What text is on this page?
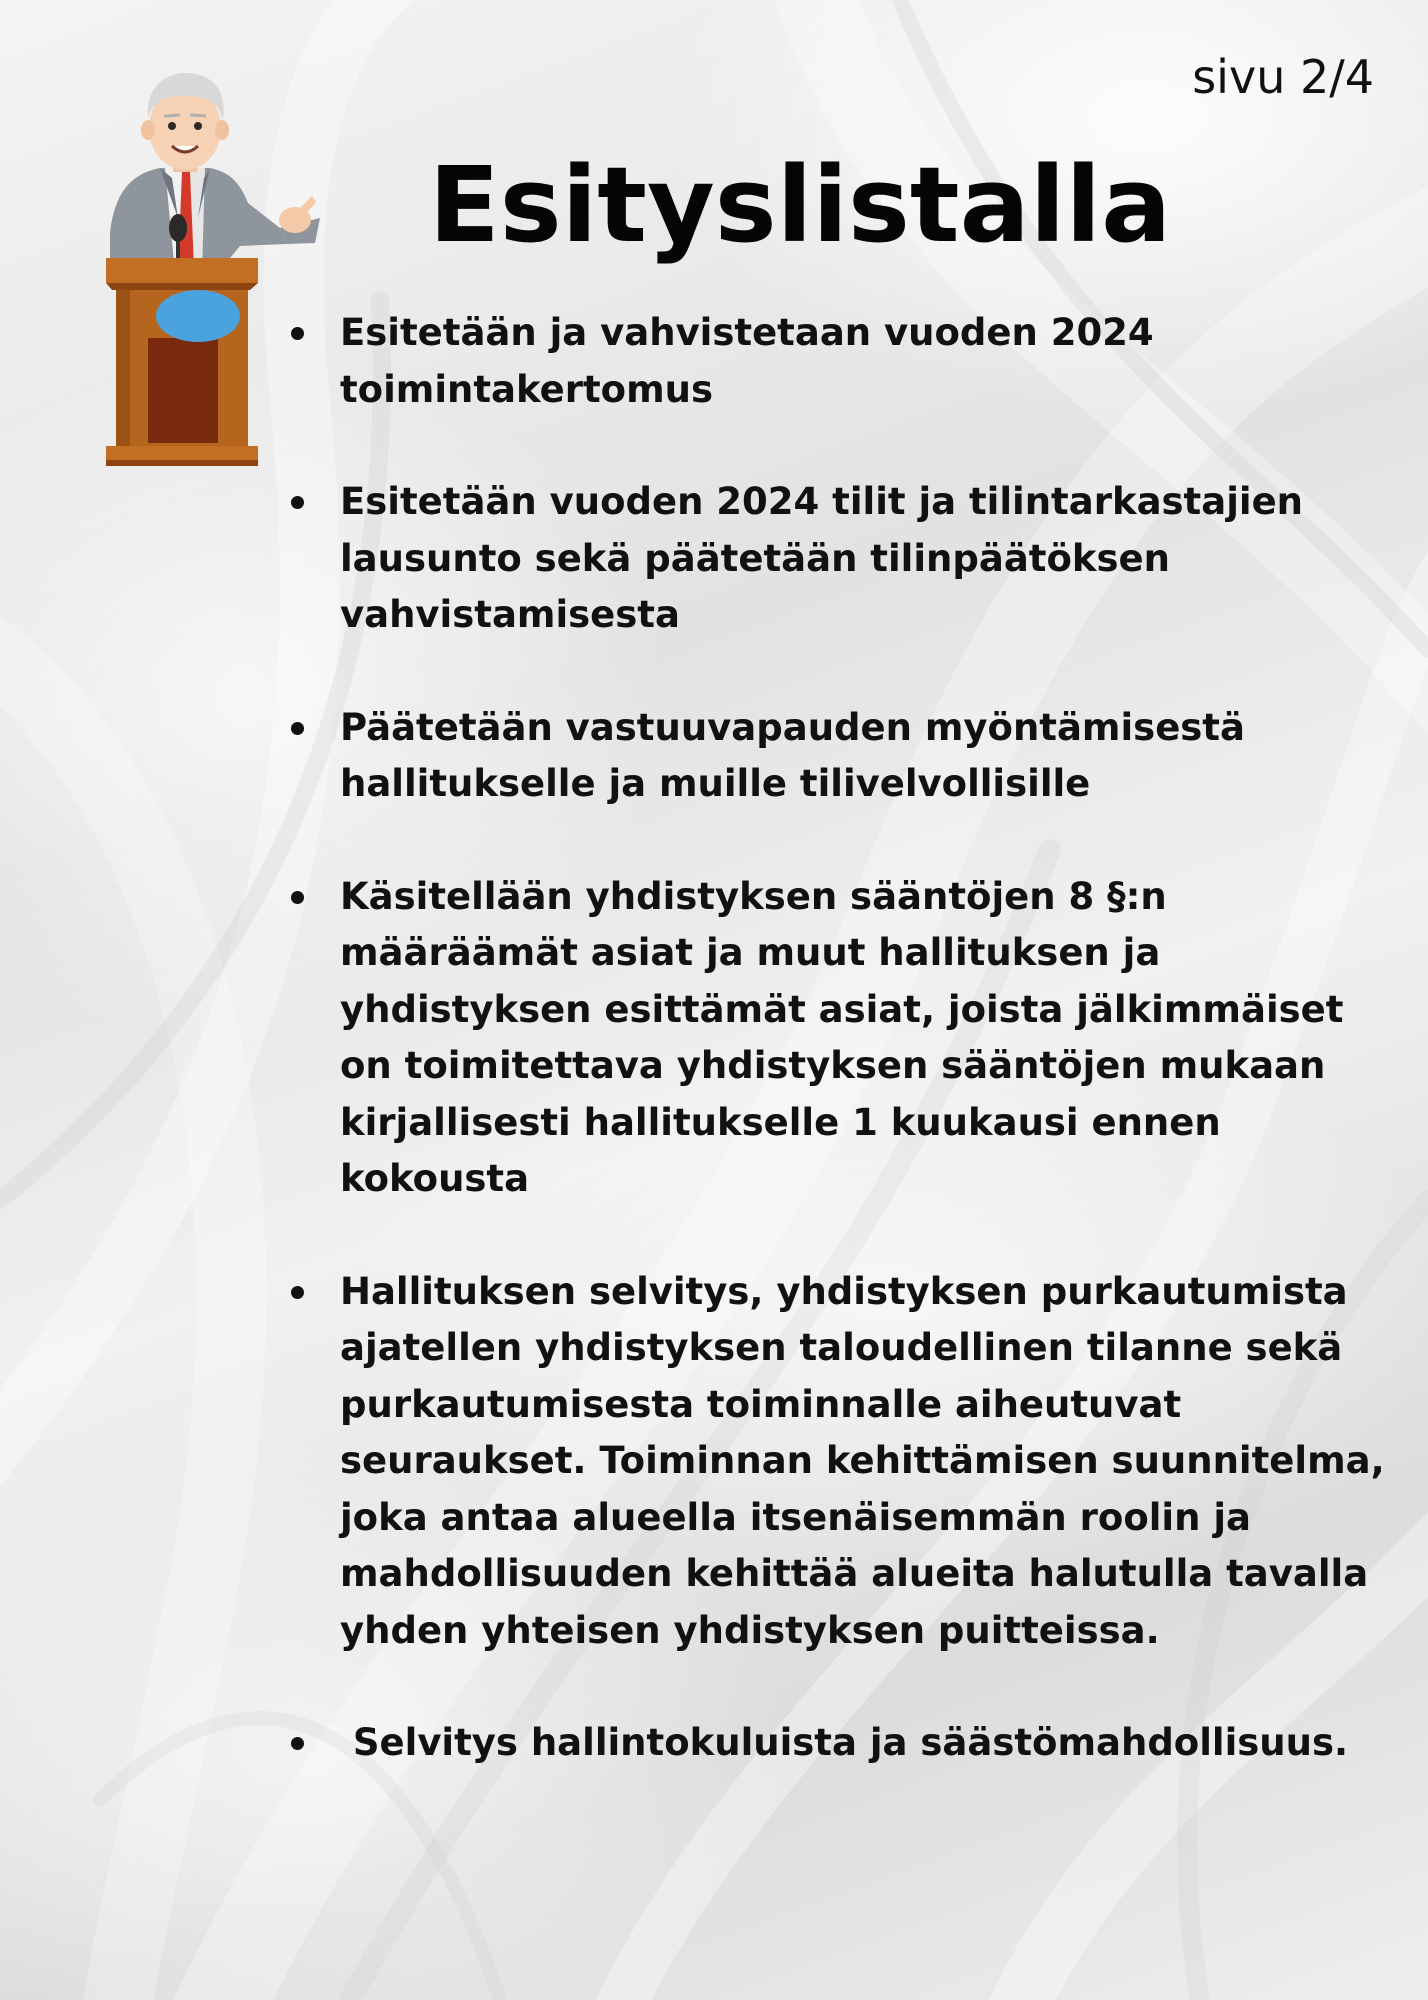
sivu 2/4
Esityslistalla
Esitetään ja vahvistetaan vuoden 2024 toimintakertomus
Esitetään vuoden 2024 tilit ja tilintarkastajien lausunto sekä päätetään tilinpäätöksen vahvistamisesta
Päätetään vastuuvapauden myöntämisestä hallitukselle ja muille tilivelvollisille
Käsitellään yhdistyksen sääntöjen 8 §:n määräämät asiat ja muut hallituksen ja yhdistyksen esittämät asiat, joista jälkimmäiset on toimitettava yhdistyksen sääntöjen mukaan kirjallisesti hallitukselle 1 kuukausi ennen kokousta
Hallituksen selvitys, yhdistyksen purkautumista ajatellen yhdistyksen taloudellinen tilanne sekä purkautumisesta toiminnalle aiheutuvat seuraukset. Toiminnan kehittämisen suunnitelma, joka antaa alueella itsenäisemmän roolin ja mahdollisuuden kehittää alueita halutulla tavalla yhden yhteisen yhdistyksen puitteissa.
Selvitys hallintokuluista ja säästömahdollisuus.
